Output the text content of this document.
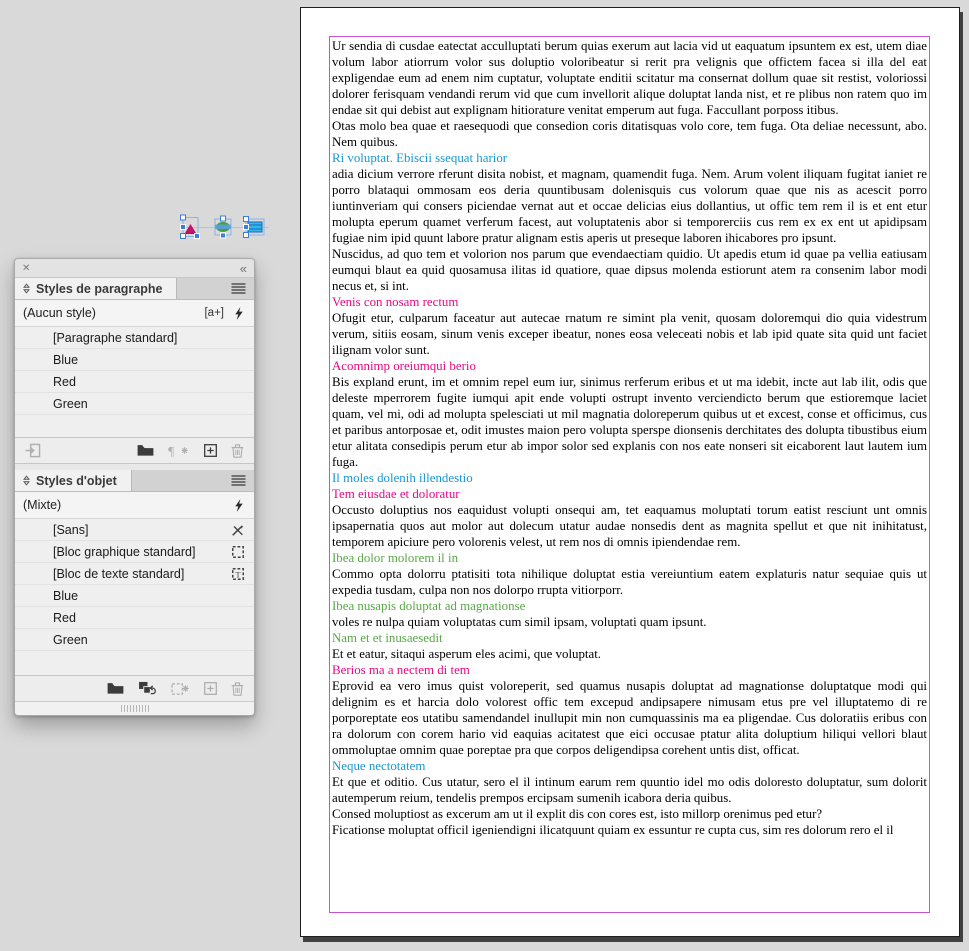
Ur sendia di cusdae eatectat acculluptati berum quias exerum aut lacia vid ut eaquatum ipsuntem ex est, utem diae volum labor atiorrum volor sus doluptio voloribeatur si rerit pra velignis que offictem facea si illa del eat expligendae eum ad enem nim cuptatur, voluptate enditii scitatur ma consernat dollum quae sit restist, voloriossi dolorer ferisquam vendandi rerum vid que cum invellorit alique doluptat landa nist, et re plibus non ratem quo im endae sit qui debist aut explignam hitiorature venitat emperum aut fuga. Faccullant porposs itibus.

Otas molo bea quae et raesequodi que consedion coris ditatisquas volo core, tem fuga. Ota deliae necessunt, abo. Nem quibus.

Ri voluptat. Ebiscii ssequat harior

adia dicium verrore rferunt disita nobist, et magnam, quamendit fuga. Nem. Arum volent iliquam fugitat ianiet re porro blataqui ommosam eos deria quuntibusam dolenisquis cus volorum quae que nis as acescit porro iuntinveriam qui consers piciendae vernat aut et occae delicias eius dollantius, ut offic tem rem il is et ent etur molupta eperum quamet verferum facest, aut voluptatenis abor si temporerciis cus rem ex ex ent ut apidipsam fugiae nim ipid quunt labore pratur alignam estis aperis ut preseque laboren ihicabores pro ipsunt.

Nuscidus, ad quo tem et volorion nos parum que evendaectiam quidio. Ut apedis etum id quae pa vellia eatiusam eumqui blaut ea quid quosamusa ilitas id quatiore, quae dipsus molenda estiorunt atem ra consenim labor modi necus et, si int.

Venis con nosam rectum

Ofugit etur, culparum faceatur aut autecae rnatum re simint pla venit, quosam doloremqui dio quia videstrum verum, sitiis eosam, sinum venis exceper ibeatur, nones eosa veleceati nobis et lab ipid quate sita quid unt faciet ilignam volor sunt.

Acomnimp oreiumqui berio

Bis expland erunt, im et omnim repel eum iur, sinimus rerferum eribus et ut ma idebit, incte aut lab ilit, odis que deleste mperrorem fugite iumqui apit ende volupti ostrupt invento verciendicto berum que estioremque laciet quam, vel mi, odi ad molupta spelesciati ut mil magnatia doloreperum quibus ut et excest, conse et officimus, cus et paribus antorposae et, odit imustes maion pero volupta sperspe dionsenis derchitates des dolupta tibustibus eium etur alitata consedipis perum etur ab impor solor sed explanis con nos eate nonseri sit eicaborent laut lautem ium fuga.

Il moles dolenih illendestio

Tem eiusdae et doloratur

Occusto doluptius nos eaquidust volupti onsequi am, tet eaquamus moluptati torum eatist resciunt unt omnis ipsapernatia quos aut molor aut dolecum utatur audae nonsedis dent as magnita spellut et que nit inihitatust, temporem apiciure pero volorenis velest, ut rem nos di omnis ipiendendae rem.

Ibea dolor molorem il in

Commo opta dolorru ptatisiti tota nihilique doluptat estia vereiuntium eatem explaturis natur sequiae quis ut expedia tusdam, culpa non nos dolorpo rrupta vitiorporr.

Ibea nusapis doluptat ad magnationse

voles re nulpa quiam voluptatas cum simil ipsam, voluptati quam ipsunt.

Nam et et inusaesedit

Et et eatur, sitaqui asperum eles acimi, que voluptat.

Berios ma a nectem di tem

Eprovid ea vero imus quist voloreperit, sed quamus nusapis doluptat ad magnationse doluptatque modi qui delignim es et harcia dolo volorest offic tem excepud andipsapere nimusam etus pre vel illuptatemo di re porporeptate eos utatibu samendandel inullupit min non cumquassinis ma ea pligendae. Cus doloratiis eribus con ra dolorum con corem hario vid eaquias acitatest que eici occusae ptatur alita doluptium hiliqui vellori blaut ommoluptae omnim quae poreptae pra que corpos deligendipsa corehent untis dist, officat.

Neque nectotatem

Et que et oditio. Cus utatur, sero el il intinum earum rem quuntio idel mo odis doloresto doluptatur, sum dolorit autemperum reium, tendelis prempos ercipsam sumenih icabora deria quibus.

Consed moluptiost as excerum am ut il explit dis con cores est, isto millorp orenimus ped etur?

Ficationse moluptat officil igeniendigni ilicatquunt quiam ex essuntur re cupta cus, sim res dolorum rero el il

✕	«
Styles de paragraphe
(Aucun style)	[a+]
[Paragraphe standard]
Blue
Red
Green
¶
Styles d'objet
(Mixte)
[Sans]
[Bloc graphique standard]
[Bloc de texte standard]	T
Blue
Red
Green
